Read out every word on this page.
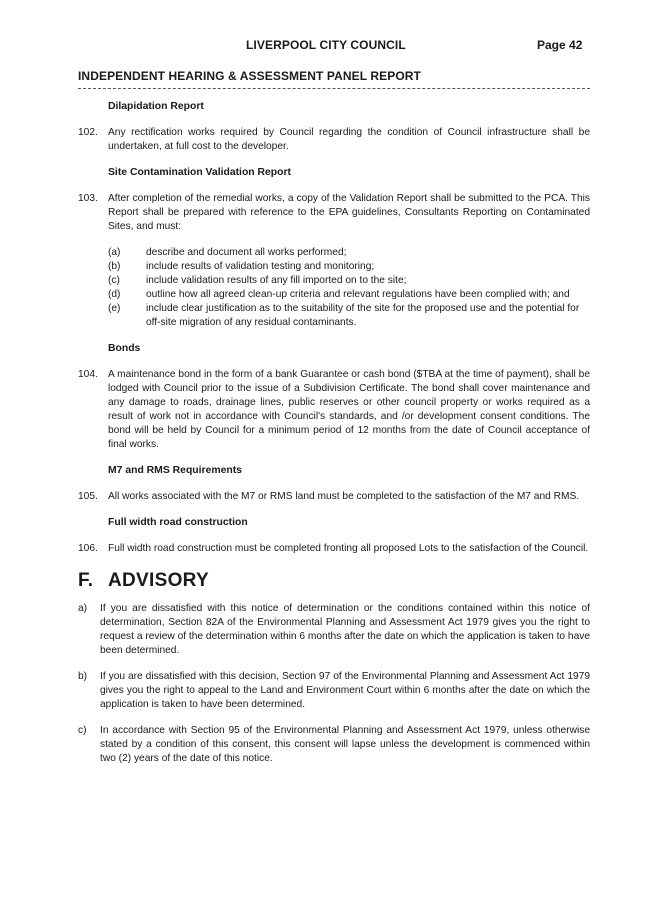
LIVERPOOL CITY COUNCIL	Page 42
INDEPENDENT HEARING & ASSESSMENT PANEL REPORT

Dilapidation Report

102. Any rectification works required by Council regarding the condition of Council infrastructure shall be undertaken, at full cost to the developer.

Site Contamination Validation Report

103. After completion of the remedial works, a copy of the Validation Report shall be submitted to the PCA. This Report shall be prepared with reference to the EPA guidelines, Consultants Reporting on Contaminated Sites, and must:

(a)	describe and document all works performed;

(b)	include results of validation testing and monitoring;

(c)	include validation results of any fill imported on to the site;

(d)	outline how all agreed clean-up criteria and relevant regulations have been complied with; and

(e)	include clear justification as to the suitability of the site for the proposed use and the potential for off-site migration of any residual contaminants.

Bonds

104. A maintenance bond in the form of a bank Guarantee or cash bond ($TBA at the time of payment), shall be lodged with Council prior to the issue of a Subdivision Certificate. The bond shall cover maintenance and any damage to roads, drainage lines, public reserves or other council property or works required as a result of work not in accordance with Council's standards, and /or development consent conditions. The bond will be held by Council for a minimum period of 12 months from the date of Council acceptance of final works.

M7 and RMS Requirements

105. All works associated with the M7 or RMS land must be completed to the satisfaction of the M7 and RMS.

Full width road construction

106. Full width road construction must be completed fronting all proposed Lots to the satisfaction of the Council.

F. ADVISORY
a)	If you are dissatisfied with this notice of determination or the conditions contained within this notice of determination, Section 82A of the Environmental Planning and Assessment Act 1979 gives you the right to request a review of the determination within 6 months after the date on which the application is taken to have been determined.

b)	If you are dissatisfied with this decision, Section 97 of the Environmental Planning and Assessment Act 1979 gives you the right to appeal to the Land and Environment Court within 6 months after the date on which the application is taken to have been determined.

c)	In accordance with Section 95 of the Environmental Planning and Assessment Act 1979, unless otherwise stated by a condition of this consent, this consent will lapse unless the development is commenced within two (2) years of the date of this notice.
